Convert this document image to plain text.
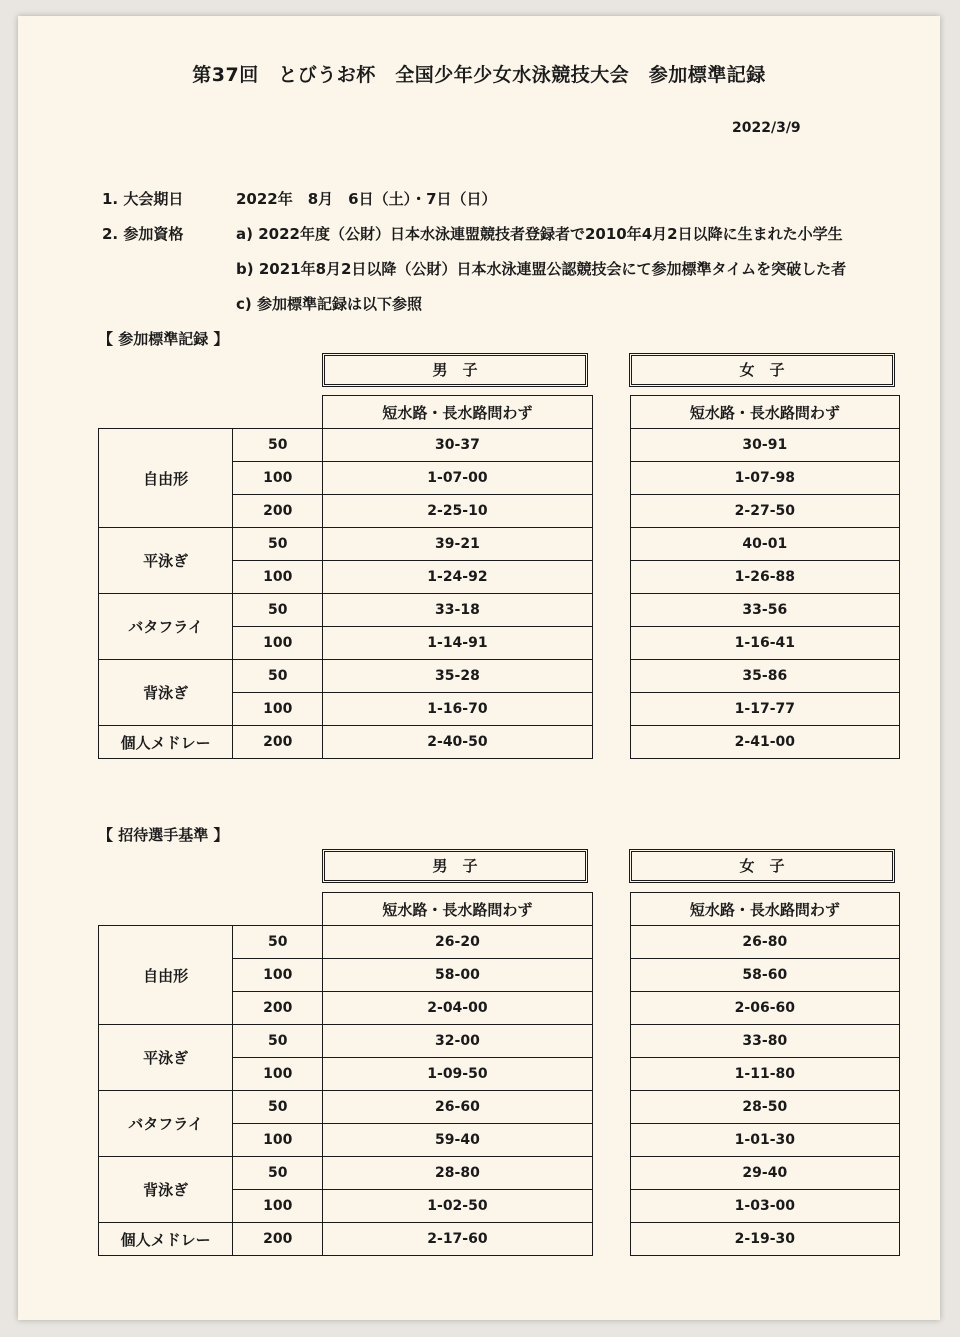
第37回　とびうお杯　全国少年少女水泳競技大会　参加標準記録
2022/3/9
1. 大会期日	2022年　8月　6日（土）・7日（日）
2. 参加資格	a) 2022年度（公財）日本水泳連盟競技者登録者で2010年4月2日以降に生まれた小学生
b) 2021年8月2日以降（公財）日本水泳連盟公認競技会にて参加標準タイムを突破した者
c) 参加標準記録は以下参照
【 参加標準記録 】
男　子	女　子
		短水路・長水路問わず		短水路・長水路問わず
自由形	50	30-37		30-91
	100	1-07-00		1-07-98
	200	2-25-10		2-27-50
平泳ぎ	50	39-21		40-01
	100	1-24-92		1-26-88
バタフライ	50	33-18		33-56
	100	1-14-91		1-16-41
背泳ぎ	50	35-28		35-86
	100	1-16-70		1-17-77
個人メドレー	200	2-40-50		2-41-00
【 招待選手基準 】
男　子	女　子
		短水路・長水路問わず		短水路・長水路問わず
自由形	50	26-20		26-80
	100	58-00		58-60
	200	2-04-00		2-06-60
平泳ぎ	50	32-00		33-80
	100	1-09-50		1-11-80
バタフライ	50	26-60		28-50
	100	59-40		1-01-30
背泳ぎ	50	28-80		29-40
	100	1-02-50		1-03-00
個人メドレー	200	2-17-60		2-19-30
